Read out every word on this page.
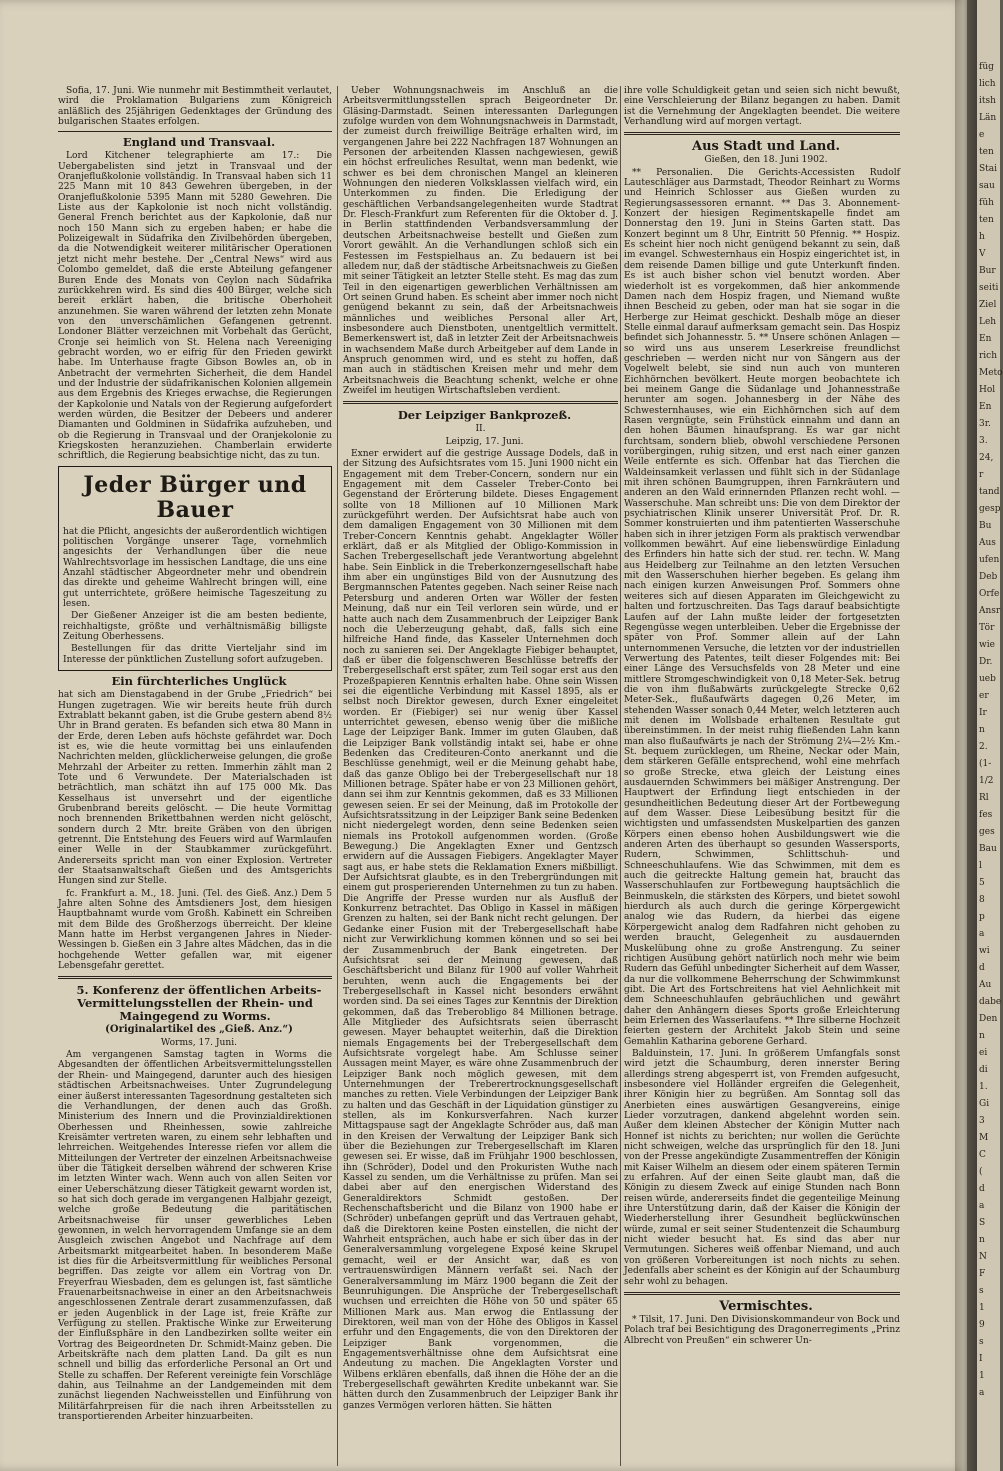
Sofia, 17. Juni. Wie nunmehr mit Bestimmtheit verlautet, wird die Proklamation Bulgariens zum Königreich anläßlich des 25jährigen Gedenktages der Gründung des bulgarischen Staates erfolgen.

England und Transvaal.

Lord Kitchener telegraphierte am 17.: Die Uebergabelisten sind jetzt in Transvaal und der Oranjeflußkolonie vollständig. In Transvaal haben sich 11 225 Mann mit 10 843 Gewehren übergeben, in der Oranjeflußkolonie 5395 Mann mit 5280 Gewehren. Die Liste aus der Kapkolonie ist noch nicht vollständig. General French berichtet aus der Kapkolonie, daß nur noch 150 Mann sich zu ergeben haben; er habe die Polizeigewalt in Südafrika den Zivilbehörden übergeben, da die Notwendigkeit weiterer militärischer Operationen jetzt nicht mehr bestehe. Der „Central News“ wird aus Colombo gemeldet, daß die erste Abteilung gefangener Buren Ende des Monats von Ceylon nach Südafrika zurückkehren wird. Es sind dies 400 Bürger, welche sich bereit erklärt haben, die britische Oberhoheit anzunehmen. Sie waren während der letzten zehn Monate von den unverschämlichen Gefangenen getrennt. Londoner Blätter verzeichnen mit Vorbehalt das Gerücht, Cronje sei heimlich von St. Helena nach Vereeniging gebracht worden, wo er eifrig für den Frieden gewirkt habe. Im Unterhause fragte Gibson Bowles an, ob in Anbetracht der vermehrten Sicherheit, die dem Handel und der Industrie der südafrikanischen Kolonien allgemein aus dem Ergebnis des Krieges erwachse, die Regierungen der Kapkolonie und Natals von der Regierung aufgefordert werden würden, die Besitzer der Debeers und anderer Diamanten und Goldminen in Südafrika aufzuheben, und ob die Regierung in Transvaal und der Oranjekolonie zu Kriegskosten heranzuziehen. Chamberlain erwiderte schriftlich, die Regierung beabsichtige nicht, das zu tun.

Jeder Bürger und Bauer

hat die Pflicht, angesichts der außerordentlich wichtigen politischen Vorgänge unserer Tage, vornehmlich angesichts der Verhandlungen über die neue Wahlrechtsvorlage im hessischen Landtage, die uns eine Anzahl städtischer Abgeordneter mehr und obendrein das direkte und geheime Wahlrecht bringen will, eine gut unterrichtete, größere heimische Tageszeitung zu lesen.

Der Gießener Anzeiger ist die am besten bediente, reichhaltigste, größte und verhältnismäßig billigste Zeitung Oberhessens.

Bestellungen für das dritte Vierteljahr sind im Interesse der pünktlichen Zustellung sofort aufzugeben.

Ein fürchterliches Unglück

hat sich am Dienstagabend in der Grube „Friedrich“ bei Hungen zugetragen. Wie wir bereits heute früh durch Extrablatt bekannt gaben, ist die Grube gestern abend 8½ Uhr in Brand geraten. Es befanden sich etwa 80 Mann in der Erde, deren Leben aufs höchste gefährdet war. Doch ist es, wie die heute vormittag bei uns einlaufenden Nachrichten melden, glücklicherweise gelungen, die große Mehrzahl der Arbeiter zu retten. Immerhin zählt man 2 Tote und 6 Verwundete. Der Materialschaden ist beträchtlich, man schätzt ihn auf 175 000 Mk. Das Kesselhaus ist unversehrt und der eigentliche Grubenbrand bereits gelöscht. — Die heute Vormittag noch brennenden Brikettbahnen werden nicht gelöscht, sondern durch 2 Mtr. breite Gräben von den übrigen getrennt. Die Entstehung des Feuers wird auf Warmlaufen einer Welle in der Staubkammer zurückgeführt. Andererseits spricht man von einer Explosion. Vertreter der Staatsanwaltschaft Gießen und des Amtsgerichts Hungen sind zur Stelle.

fc. Frankfurt a. M., 18. Juni. (Tel. des Gieß. Anz.) Dem 5 Jahre alten Sohne des Amtsdieners Jost, dem hiesigen Hauptbahnamt wurde vom Großh. Kabinett ein Schreiben mit dem Bilde des Großherzogs überreicht. Der kleine Mann hatte im Herbst vergangenen Jahres in Nieder-Wessingen b. Gießen ein 3 Jahre altes Mädchen, das in die hochgehende Wetter gefallen war, mit eigener Lebensgefahr gerettet.

5. Konferenz der öffentlichen Arbeits-Vermittelungsstellen der Rhein- und Maingegend zu Worms.

(Originalartikel des „Gieß. Anz.“)

Worms, 17. Juni.

Am vergangenen Samstag tagten in Worms die Abgesandten der öffentlichen Arbeitsvermittelungsstellen der Rhein- und Maingegend, darunter auch des hiesigen städtischen Arbeitsnachweises. Unter Zugrundelegung einer äußerst interessanten Tagesordnung gestalteten sich die Verhandlungen, der denen auch das Großh. Ministerium des Innern und die Provinzialdirektionen Oberhessen und Rheinhessen, sowie zahlreiche Kreisämter vertreten waren, zu einem sehr lebhaften und lehrreichen. Weitgehendes Interesse riefen vor allem die Mitteilungen der Vertreter der einzelnen Arbeitsnachweise über die Tätigkeit derselben während der schweren Krise im letzten Winter wach. Wenn auch von allen Seiten vor einer Ueberschätzung dieser Tätigkeit gewarnt worden ist, so hat sich doch gerade im vergangenen Halbjahr gezeigt, welche große Bedeutung die paritätischen Arbeitsnachweise für unser gewerbliches Leben gewonnen, in welch hervorragendem Umfange sie an dem Ausgleich zwischen Angebot und Nachfrage auf dem Arbeitsmarkt mitgearbeitet haben. In besonderem Maße ist dies für die Arbeitsvermittlung für weibliches Personal begriffen. Das zeigte vor allem ein Vortrag von Dr. Freyerfrau Wiesbaden, dem es gelungen ist, fast sämtliche Frauenarbeitsnachweise in einer an den Arbeitsnachweis angeschlossenen Zentrale derart zusammenzufassen, daß er jeden Augenblick in der Lage ist, freie Kräfte zur Verfügung zu stellen. Praktische Winke zur Erweiterung der Einflußsphäre in den Landbezirken sollte weiter ein Vortrag des Beigeordneten Dr. Schmidt-Mainz geben. Die Arbeitskräfte nach dem platten Land. Da gilt es nun schnell und billig das erforderliche Personal an Ort und Stelle zu schaffen. Der Referent vereinigte fein Vorschläge dahin, aus Teilnahme an der Landgemeinden mit dem zunächst liegenden Nachweisstellen und Einführung von Militärfahrpreisen für die nach ihren Arbeitsstellen zu transportierenden Arbeiter hinzuarbeiten.

Ueber Wohnungsnachweis im Anschluß an die Arbeitsvermittlungsstellen sprach Beigeordneter Dr. Gläsing-Darmstadt. Seinen interessanten Darlegungen zufolge wurden von dem Wohnungsnachweis in Darmstadt, der zumeist durch freiwillige Beiträge erhalten wird, im vergangenen Jahre bei 222 Nachfragen 187 Wohnungen an Personen der arbeitenden Klassen nachgewiesen, gewiß ein höchst erfreuliches Resultat, wenn man bedenkt, wie schwer es bei dem chronischen Mangel an kleineren Wohnungen den niederen Volksklassen vielfach wird, ein Unterkommen zu finden. Die Erledigung der geschäftlichen Verbandsangelegenheiten wurde Stadtrat Dr. Flesch-Frankfurt zum Referenten für die Oktober d. J. in Berlin stattfindenden Verbandsversammlung der deutschen Arbeitsnachweise bestellt und Gießen zum Vorort gewählt. An die Verhandlungen schloß sich ein Festessen im Festspielhaus an. Zu bedauern ist bei alledem nur, daß der städtische Arbeitsnachweis zu Gießen mit seiner Tätigkeit an letzter Stelle steht. Es mag das zum Teil in den eigenartigen gewerblichen Verhältnissen am Ort seinen Grund haben. Es scheint aber immer noch nicht genügend bekannt zu sein, daß der Arbeitsnachweis männliches und weibliches Personal aller Art, insbesondere auch Dienstboten, unentgeltlich vermittelt. Bemerkenswert ist, daß in letzter Zeit der Arbeitsnachweis in wachsendem Maße durch Arbeitgeber auf dem Lande in Anspruch genommen wird, und es steht zu hoffen, daß man auch in städtischen Kreisen mehr und mehr dem Arbeitsnachweis die Beachtung schenkt, welche er ohne Zweifel im heutigen Wirtschaftsleben verdient.

Der Leipziger Bankprozeß.

II.

Leipzig, 17. Juni.

Exner erwidert auf die gestrige Aussage Dodels, daß in der Sitzung des Aufsichtsrates vom 15. Juni 1900 nicht ein Engagement mit dem Treber-Concern, sondern nur ein Engagement mit dem Casseler Treber-Conto bei Gegenstand der Erörterung bildete. Dieses Engagement sollte von 18 Millionen auf 10 Millionen Mark zurückgeführt werden. Der Aufsichtsrat habe auch von dem damaligen Engagement von 30 Millionen mit dem Treber-Concern Kenntnis gehabt. Angeklagter Wöller erklärt, daß er als Mitglied der Obligo-Kommission in Sachen Trebergesellschaft jede Verantwortung abgelehnt habe. Sein Einblick in die Treberkonzerngesellschaft habe ihm aber ein ungünstiges Bild von der Ausnutzung des Bergmannschen Patentes gegeben. Nach seiner Reise nach Petersburg und anderen Orten war Wöller der festen Meinung, daß nur ein Teil verloren sein würde, und er hatte auch nach dem Zusammenbruch der Leipziger Bank noch die Ueberzeugung gehabt, daß, falls sich eine hilfreiche Hand finde, das Kasseler Unternehmen doch noch zu sanieren sei. Der Angeklagte Fiebiger behauptet, daß er über die folgenschweren Beschlüsse betreffs der Trebergesellschaft erst später, zum Teil sogar erst aus den Prozeßpapieren Kenntnis erhalten habe. Ohne sein Wissen sei die eigentliche Verbindung mit Kassel 1895, als er selbst noch Direktor gewesen, durch Exner eingeleitet worden. Er (Fiebiger) sei nur wenig über Kassel unterrichtet gewesen, ebenso wenig über die mißliche Lage der Leipziger Bank. Immer im guten Glauben, daß die Leipziger Bank vollständig intakt sei, habe er ohne Bedenken das Crediteuren-Conto anerkannt und die Beschlüsse genehmigt, weil er die Meinung gehabt habe, daß das ganze Obligo bei der Trebergesellschaft nur 18 Millionen betrage. Später habe er von 23 Millionen gehört, dann sei ihm zur Kenntnis gekommen, daß es 33 Millionen gewesen seien. Er sei der Meinung, daß im Protokolle der Aufsichtsratssitzung in der Leipziger Bank seine Bedenken nicht niedergelegt worden, denn seine Bedenken seien niemals ins Protokoll aufgenommen worden. (Große Bewegung.) Die Angeklagten Exner und Gentzsch erwidern auf die Aussagen Fiebigers. Angeklagter Mayer sagt aus, er habe stets die Reklamation Exners mißbilligt. Der Aufsichtsrat glaubte, es in den Trebergründungen mit einem gut prosperierenden Unternehmen zu tun zu haben. Die Angriffe der Presse wurden nur als Ausfluß der Konkurrenz betrachtet. Das Obligo in Kassel in mäßigen Grenzen zu halten, sei der Bank nicht recht gelungen. Der Gedanke einer Fusion mit der Trebergesellschaft habe nicht zur Verwirklichung kommen können und so sei bei der Zusammenbruch der Bank eingetreten. Der Aufsichtsrat sei der Meinung gewesen, daß Geschäftsbericht und Bilanz für 1900 auf voller Wahrheit beruhten, wenn auch die Engagements bei der Trebergesellschaft in Kassel nicht besonders erwähnt worden sind. Da sei eines Tages zur Kenntnis der Direktion gekommen, daß das Treberobligo 84 Millionen betrage. Alle Mitglieder des Aufsichtsrats seien überrascht gewesen. Mayer behauptet weiterhin, daß die Direktion niemals Engagements bei der Trebergesellschaft dem Aufsichtsrate vorgelegt habe. Am Schlusse seiner Aussagen meint Mayer, es wäre ohne Zusammenbruch der Leipziger Bank noch möglich gewesen, mit dem Unternehmungen der Treberertrocknungsgesellschaft manches zu retten. Viele Verbindungen der Leipziger Bank zu halten und das Geschäft in der Liquidation günstiger zu stellen, als im Konkursverfahren. Nach kurzer Mittagspause sagt der Angeklagte Schröder aus, daß man in den Kreisen der Verwaltung der Leipziger Bank sich über die Beziehungen zur Trebergesellschaft im Klaren gewesen sei. Er wisse, daß im Frühjahr 1900 beschlossen, ihn (Schröder), Dodel und den Prokuristen Wuthe nach Kassel zu senden, um die Verhältnisse zu prüfen. Man sei dabei aber auf den energischen Widerstand des Generaldirektors Schmidt gestoßen. Der Rechenschaftsbericht und die Bilanz von 1900 habe er (Schröder) unbefangen geprüft und das Vertrauen gehabt, daß die Direktoren keine Posten einstellen, die nicht der Wahrheit entsprächen, auch habe er sich über das in der Generalversammlung vorgelegene Exposé keine Skrupel gemacht, weil er der Ansicht war, daß es von vertrauenswürdigen Männern verfaßt sei. Nach der Generalversammlung im März 1900 begann die Zeit der Beunruhigungen. Die Ansprüche der Trebergesellschaft wuchsen und erreichten die Höhe von 50 und später 65 Millionen Mark aus. Man erwog die Entlassung der Direktoren, weil man von der Höhe des Obligos in Kassel erfuhr und den Engagements, die von den Direktoren der Leipziger Bank vorgenommen, die Engagementsverhältnisse ohne dem Aufsichtsrat eine Andeutung zu machen. Die Angeklagten Vorster und Wilbens erklären ebenfalls, daß ihnen die Höhe der an die Trebergesellschaft gewährten Kredite unbekannt war. Sie hätten durch den Zusammenbruch der Leipziger Bank ihr ganzes Vermögen verloren hätten. Sie hätten

ihre volle Schuldigkeit getan und seien sich nicht bewußt, eine Verschleierung der Bilanz begangen zu haben. Damit ist die Vernehmung der Angeklagten beendet. Die weitere Verhandlung wird auf morgen vertagt.

Aus Stadt und Land.

Gießen, den 18. Juni 1902.

** Personalien. Die Gerichts-Accessisten Rudolf Lauteschläger aus Darmstadt, Theodor Reinhart zu Worms und Heinrich Schlosser aus Gießen wurden zu Regierungsassessoren ernannt. ** Das 3. Abonnement-Konzert der hiesigen Regimentskapelle findet am Donnerstag den 19. Juni in Steins Garten statt. Das Konzert beginnt um 8 Uhr, Eintritt 50 Pfennig. ** Hospiz. Es scheint hier noch nicht genügend bekannt zu sein, daß im evangel. Schwesternhaus ein Hospiz eingerichtet ist, in dem reisende Damen billige und gute Unterkunft finden. Es ist auch bisher schon viel benutzt worden. Aber wiederholt ist es vorgekommen, daß hier ankommende Damen nach dem Hospiz fragen, und Niemand wußte ihnen Bescheid zu geben, oder man hat sie sogar in die Herberge zur Heimat geschickt. Deshalb möge an dieser Stelle einmal darauf aufmerksam gemacht sein. Das Hospiz befindet sich Johannesstr. 5. ** Unsere schönen Anlagen — so wird uns aus unserem Leserkreise freundlichst geschrieben — werden nicht nur von Sängern aus der Vogelwelt belebt, sie sind nun auch von munteren Eichhörnchen bevölkert. Heute morgen beobachtete ich bei meinem Gange die Südanlage und Johannesstraße herunter am sogen. Johannesberg in der Nähe des Schwesternhauses, wie ein Eichhörnchen sich auf dem Rasen vergnügte, sein Frühstück einnahm und dann an den hohen Bäumen hinaufsprang. Es war gar nicht furchtsam, sondern blieb, obwohl verschiedene Personen vorübergingen, ruhig sitzen, und erst nach einer ganzen Weile entfernte es sich. Offenbar hat das Tierchen die Waldeinsamkeit verlassen und fühlt sich in der Südanlage mit ihren schönen Baumgruppen, ihren Farnkräutern und anderen an den Wald erinnernden Pflanzen recht wohl. — Wasserschuhe. Man schreibt uns: Die von dem Direktor der psychiatrischen Klinik unserer Universität Prof. Dr. R. Sommer konstruierten und ihm patentierten Wasserschuhe haben sich in ihrer jetzigen Form als praktisch verwendbar vollkommen bewährt. Auf eine liebenswürdige Einladung des Erfinders hin hatte sich der stud. rer. techn. W. Mang aus Heidelberg zur Teilnahme an den letzten Versuchen mit den Wasserschuhen hierher begeben. Es gelang ihm nach einigen kurzen Anweisungen Prof. Sommers ohne weiteres sich auf diesen Apparaten im Gleichgewicht zu halten und fortzuschreiten. Das Tags darauf beabsichtigte Laufen auf der Lahn mußte leider der fortgesetzten Regengüsse wegen unterbleiben. Ueber die Ergebnisse der später von Prof. Sommer allein auf der Lahn unternommenen Versuche, die letzten vor der industriellen Verwertung des Patentes, teilt dieser Folgendes mit: Bei einer Länge des Versuchsfelds von 28 Meter und eine mittlere Stromgeschwindigkeit von 0,18 Meter-Sek. betrug die von ihm flußabwärts zurückgelegte Strecke 0,62 Meter-Sek., flußaufwärts dagegen 0,26 Meter, im stehenden Wasser sonach 0,44 Meter, welch letzteren auch mit denen im Wollsbade erhaltenen Resultate gut übereinstimmen. In der meist ruhig fließenden Lahn kann man also flußaufwärts je nach der Strömung 2¼—2½ Km.-St. bequem zurücklegen, um Rheine, Neckar oder Main, dem stärkeren Gefälle entsprechend, wohl eine mehrfach so große Strecke, etwa gleich der Leistung eines ausdauernden Schwimmers bei mäßiger Anstrengung. Der Hauptwert der Erfindung liegt entschieden in der gesundheitlichen Bedeutung dieser Art der Fortbewegung auf dem Wasser. Diese Leibesübung besitzt für die wichtigsten und umfassendsten Muskelpartien des ganzen Körpers einen ebenso hohen Ausbildungswert wie die anderen Arten des überhaupt so gesunden Wassersports, Rudern, Schwimmen, Schlittschuh- und Schneeschuhlaufens. Wie das Schwimmen, mit dem es auch die geitreckte Haltung gemein hat, braucht das Wasserschuhlaufen zur Fortbewegung hauptsächlich die Beinmuskeln, die stärksten des Körpers, und bietet sowohl hierdurch als auch durch die geringe Körpergewicht analog wie das Rudern, da hierbei das eigene Körpergewicht analog dem Radfahren nicht gehoben zu werden braucht, Gelegenheit zu ausdauernden Muskelübung ohne zu große Anstrengung. Zu seiner richtigen Ausübung gehört natürlich noch mehr wie beim Rudern das Gefühl unbedingter Sicherheit auf dem Wasser, da nur die vollkommene Beherrschung der Schwimmkunst gibt. Die Art des Fortschreitens hat viel Aehnlichkeit mit dem Schneeschuhlaufen gebräuchlichen und gewährt daher den Anhängern dieses Sports große Erleichterung beim Erlernen des Wasserlaufens. ** Ihre silberne Hochzeit feierten gestern der Architekt Jakob Stein und seine Gemahlin Katharina geborene Gerhard.

Balduinstein, 17. Juni. In größerem Umfangfals sonst wird jetzt die Schaumburg, deren innerster Bering allerdings streng abgesperrt ist, von Fremden aufgesucht, insbesondere viel Holländer ergreifen die Gelegenheit, ihrer Königin hier zu begrüßen. Am Sonntag soll das Anerbieten eines auswärtigen Gesangvereins, einige Lieder vorzutragen, dankend abgelehnt worden sein. Außer dem kleinen Abstecher der Königin Mutter nach Honnef ist nichts zu berichten; nur wollen die Gerüchte nicht schweigen, welche das ursprünglich für den 18. Juni von der Presse angekündigte Zusammentreffen der Königin mit Kaiser Wilhelm an diesem oder einem späteren Termin zu erfahren. Auf der einen Seite glaubt man, daß die Königin zu diesem Zweck auf einige Stunden nach Bonn reisen würde, andererseits findet die gegenteilige Meinung ihre Unterstützung darin, daß der Kaiser die Königin der Wiederherstellung ihrer Gesundheit beglückwünschen würde, zumal er seit seiner Studentenzeit die Schaumburg nicht wieder besucht hat. Es sind das aber nur Vermutungen. Sicheres weiß offenbar Niemand, und auch von größeren Vorbereitungen ist noch nichts zu sehen. Jedenfalls aber scheint es der Königin auf der Schaumburg sehr wohl zu behagen.

Vermischtes.

* Tilsit, 17. Juni. Den Divisionskommandeur von Bock und Polach traf bei Besichtigung des Dragonerregiments „Prinz Albrecht von Preußen“ ein schwerer Un-

füg
lich
itsh
Län
e
ten
Stai
sau
füh
ten
h
V
Bur
seiti
Ziel
Leh
En
rich
Meto
Hol
En
3r.
3.
24,
r
tand
gesp
Bu
Aus
ufen
Deb
Orfe
Ansr
Tör
wie
Dr.
ueb
er
Ir
n
2.
(1-
1/2
Rl
fes
ges
Bau
l
5
8
p
a
wi
d
Au
dabe
Den
n
ei
di
1.
Gi
3
M
C
(
d
a
S
n
N
F
s
1
9
s
I
1
a
